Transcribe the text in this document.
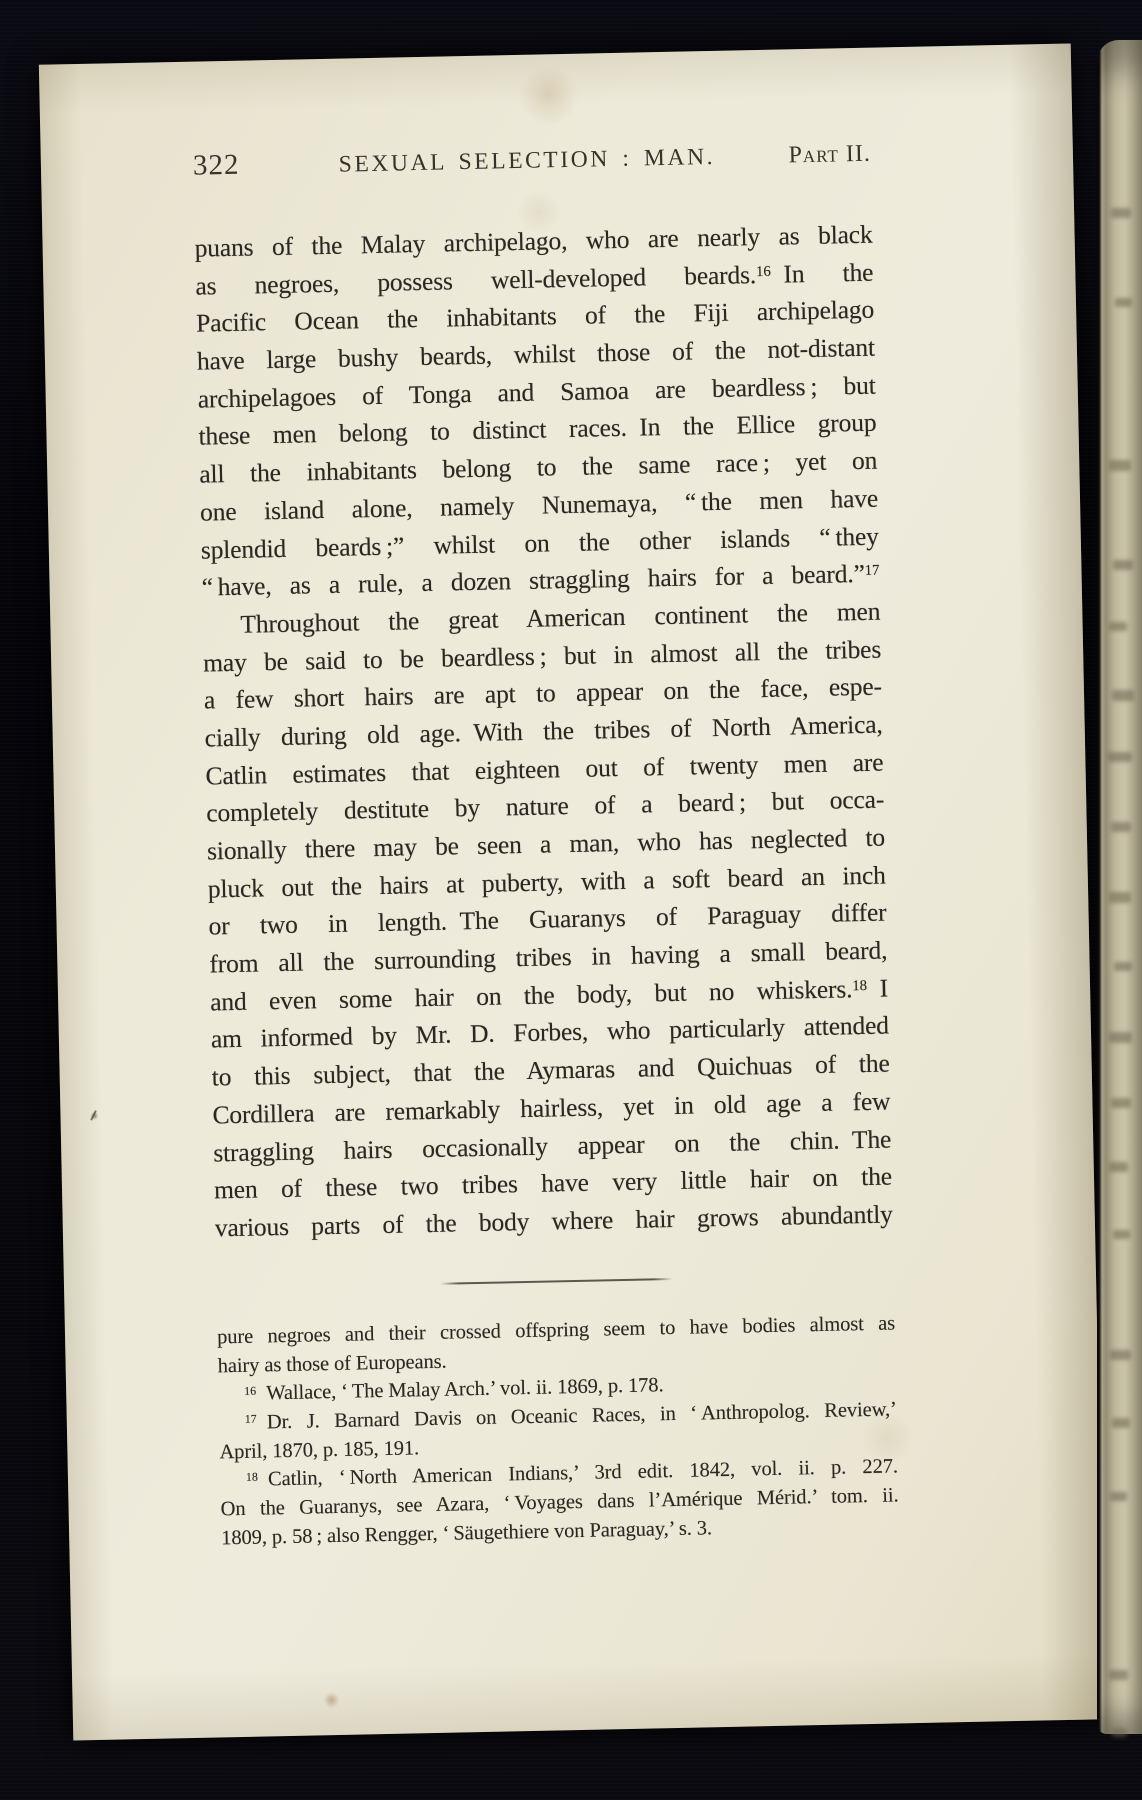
322	SEXUAL SELECTION : MAN.	Part II.
puans of the Malay archipelago, who are nearly as black
as negroes, possess well-developed beards.$^{16}$ In the
Pacific Ocean the inhabitants of the Fiji archipelago
have large bushy beards, whilst those of the not-distant
archipelagoes of Tonga and Samoa are beardless ; but
these men belong to distinct races. In the Ellice group
all the inhabitants belong to the same race ; yet on
one island alone, namely Nunemaya, “ the men have
splendid beards ;” whilst on the other islands “ they
“ have, as a rule, a dozen straggling hairs for a beard.”$^{17}$
Throughout the great American continent the men
may be said to be beardless ; but in almost all the tribes
a few short hairs are apt to appear on the face, espe-
cially during old age. With the tribes of North America,
Catlin estimates that eighteen out of twenty men are
completely destitute by nature of a beard ; but occa-
sionally there may be seen a man, who has neglected to
pluck out the hairs at puberty, with a soft beard an inch
or two in length. The Guaranys of Paraguay differ
from all the surrounding tribes in having a small beard,
and even some hair on the body, but no whiskers.$^{18}$ I
am informed by Mr. D. Forbes, who particularly attended
to this subject, that the Aymaras and Quichuas of the
Cordillera are remarkably hairless, yet in old age a few
straggling hairs occasionally appear on the chin. The
men of these two tribes have very little hair on the
various parts of the body where hair grows abundantly
pure negroes and their crossed offspring seem to have bodies almost as
hairy as those of Europeans.
$^{16}$ Wallace, ‘ The Malay Arch.’ vol. ii. 1869, p. 178.
$^{17}$ Dr. J. Barnard Davis on Oceanic Races, in ‘ Anthropolog. Review,’
April, 1870, p. 185, 191.
$^{18}$ Catlin, ‘ North American Indians,’ 3rd edit. 1842, vol. ii. p. 227.
On the Guaranys, see Azara, ‘ Voyages dans l’Amérique Mérid.’ tom. ii.
1809, p. 58 ; also Rengger, ‘ Säugethiere von Paraguay,’ s. 3.
